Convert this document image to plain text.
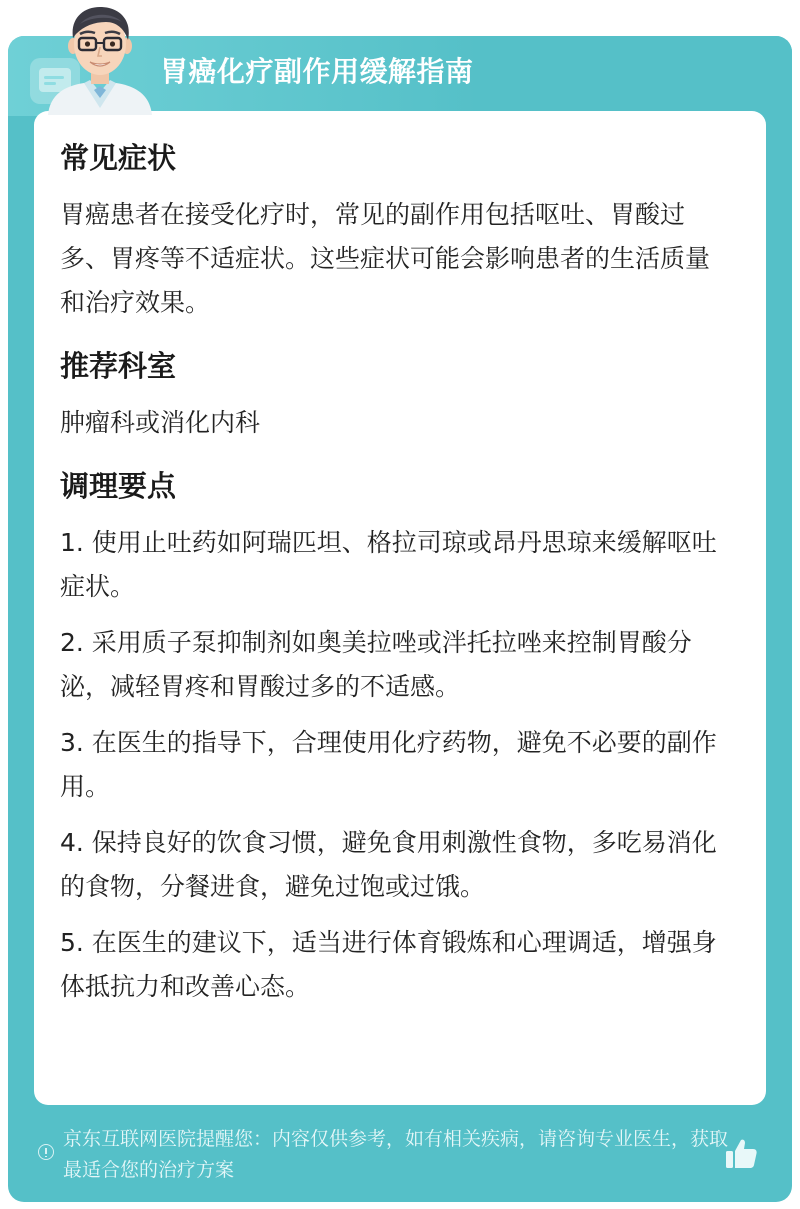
胃癌化疗副作用缓解指南
常见症状

胃癌患者在接受化疗时，常见的副作用包括呕吐、胃酸过多、胃疼等不适症状。这些症状可能会影响患者的生活质量和治疗效果。

推荐科室

肿瘤科或消化内科

调理要点

1. 使用止吐药如阿瑞匹坦、格拉司琼或昂丹思琼来缓解呕吐症状。

2. 采用质子泵抑制剂如奥美拉唑或泮托拉唑来控制胃酸分泌，减轻胃疼和胃酸过多的不适感。

3. 在医生的指导下，合理使用化疗药物，避免不必要的副作用。

4. 保持良好的饮食习惯，避免食用刺激性食物，多吃易消化的食物，分餐进食，避免过饱或过饿。

5. 在医生的建议下，适当进行体育锻炼和心理调适，增强身体抵抗力和改善心态。

京东互联网医院提醒您：内容仅供参考，如有相关疾病，请咨询专业医生，获取最适合您的治疗方案
